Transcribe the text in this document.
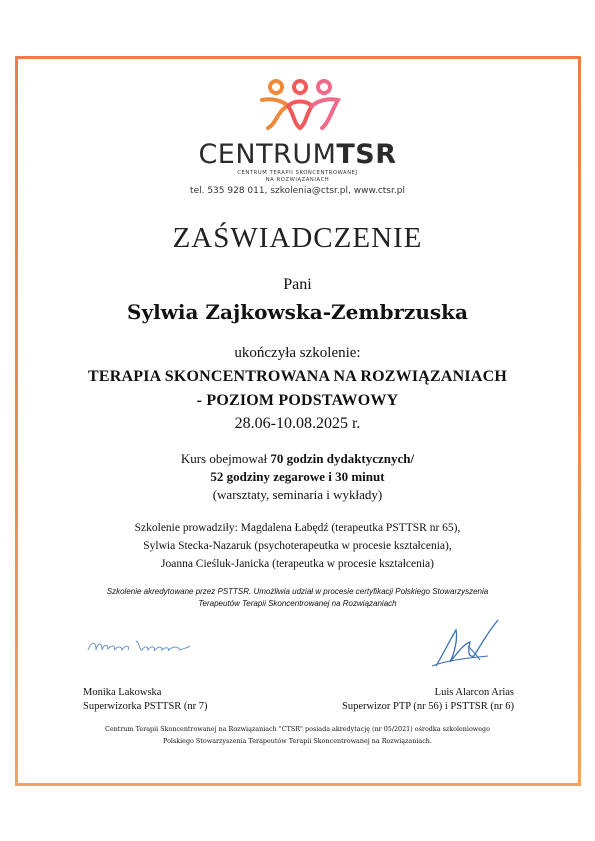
CENTRUMTSR
CENTRUM TERAPII SKONCENTROWANEJ
NA ROZWIĄZANIACH
tel. 535 928 011, szkolenia@ctsr.pl, www.ctsr.pl
ZAŚWIADCZENIE
Pani
Sylwia Zajkowska-Zembrzuska
ukończyła szkolenie:
TERAPIA SKONCENTROWANA NA ROZWIĄZANIACH
- POZIOM PODSTAWOWY
28.06-10.08.2025 r.
Kurs obejmował 70 godzin dydaktycznych/
52 godziny zegarowe i 30 minut
(warsztaty, seminaria i wykłady)
Szkolenie prowadziły: Magdalena Łabędź (terapeutka PSTTSR nr 65),
Sylwia Stecka-Nazaruk (psychoterapeutka w procesie kształcenia),
Joanna Cieśluk-Janicka (terapeutka w procesie kształcenia)
Szkolenie akredytowane przez PSTTSR. Umożliwia udział w procesie certyfikacji Polskiego Stowarzyszenia
Terapeutów Terapii Skoncentrowanej na Rozwiązaniach
Monika Lakowska
Superwizorka PSTTSR (nr 7)
Luis Alarcon Arias
Superwizor PTP (nr 56) i PSTTSR (nr 6)
Centrum Terapii Skoncentrowanej na Rozwiązaniach "CTSR" posiada akredytację (nr 05/2021) ośrodka szkoleniowego
Polskiego Stowarzyszenia Terapeutów Terapii Skoncentrowanej na Rozwiązaniach.
